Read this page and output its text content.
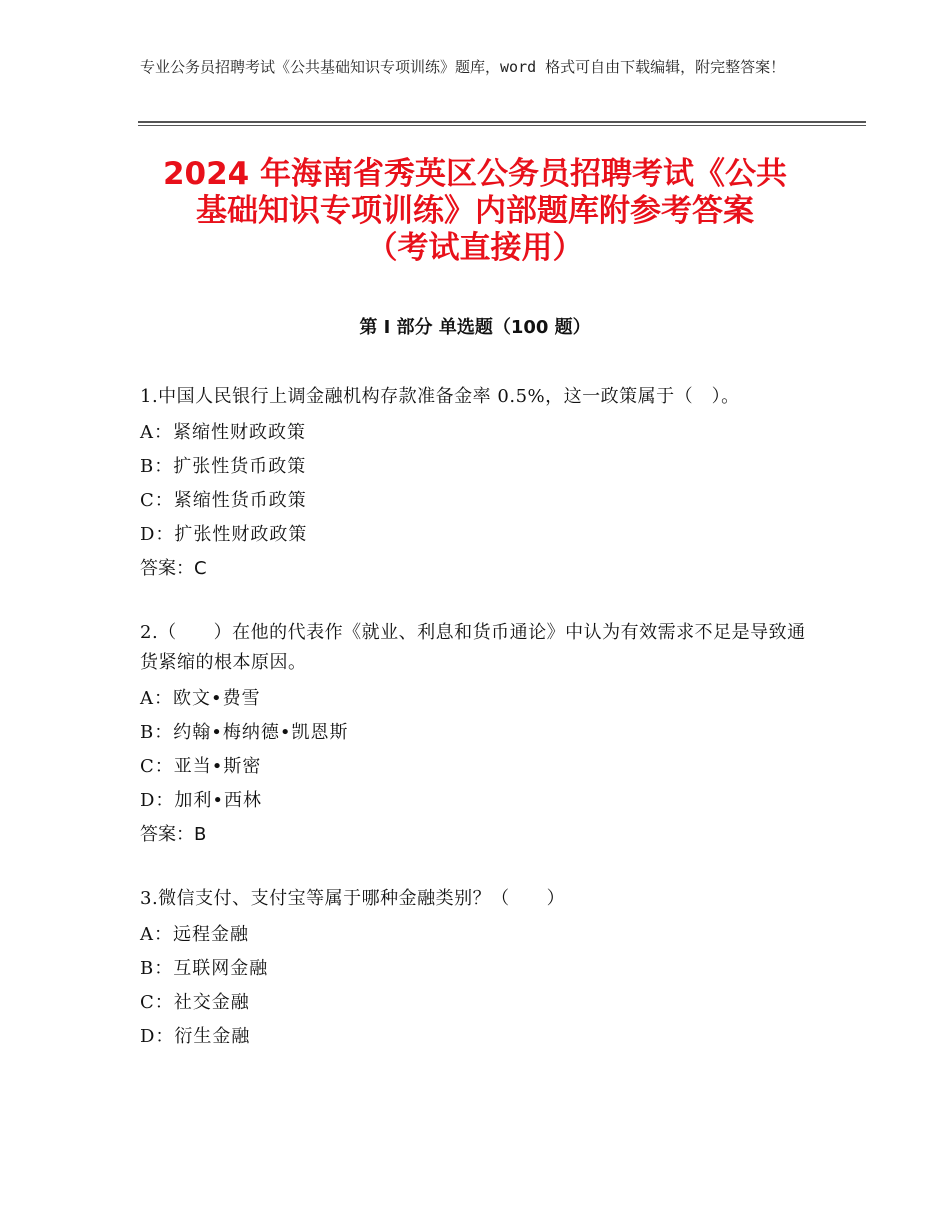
专业公务员招聘考试《公共基础知识专项训练》题库，word 格式可自由下载编辑，附完整答案！
2024 年海南省秀英区公务员招聘考试《公共
基础知识专项训练》内部题库附参考答案
（考试直接用）
第 I 部分 单选题（100 题）

1.中国人民银行上调金融机构存款准备金率 0.5%，这一政策属于（　）。

A：紧缩性财政政策
B：扩张性货币政策
C：紧缩性货币政策
D：扩张性财政政策
答案：C

2.（　　）在他的代表作《就业、利息和货币通论》中认为有效需求不足是导致通货紧缩的根本原因。

A：欧文•费雪
B：约翰•梅纳德•凯恩斯
C：亚当•斯密
D：加利•西林
答案：B

3.微信支付、支付宝等属于哪种金融类别？（　　）

A：远程金融
B：互联网金融
C：社交金融
D：衍生金融
